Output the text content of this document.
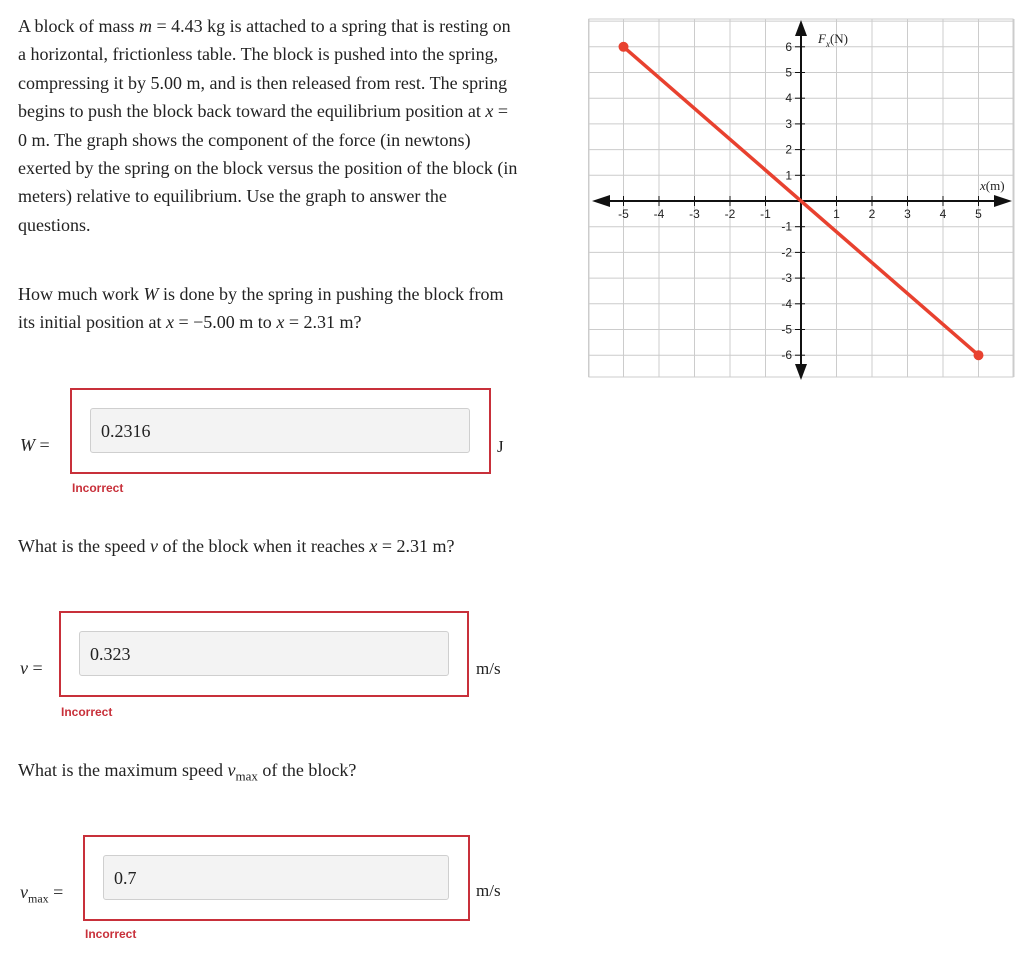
A block of mass m = 4.43 kg is attached to a spring that is resting on a horizontal, frictionless table. The block is pushed into the spring, compressing it by 5.00 m, and is then released from rest. The spring begins to push the block back toward the equilibrium position at x = 0 m. The graph shows the component of the force (in newtons) exerted by the spring on the block versus the position of the block (in meters) relative to equilibrium. Use the graph to answer the questions.

How much work W is done by the spring in pushing the block from its initial position at x = −5.00 m to x = 2.31 m?

W =
0.2316
J
Incorrect

What is the speed v of the block when it reaches x = 2.31 m?

v =
0.323
m/s
Incorrect

What is the maximum speed $v_{max}$ of the block?

$v_{max}$ =
0.7
m/s
Incorrect
-5 -4 -3 -2 -1	1 2 3 4 5
6
5
4
3
2
1
-1
-2
-3
-4
-5
-6
x(m)
$F_x(N)$
